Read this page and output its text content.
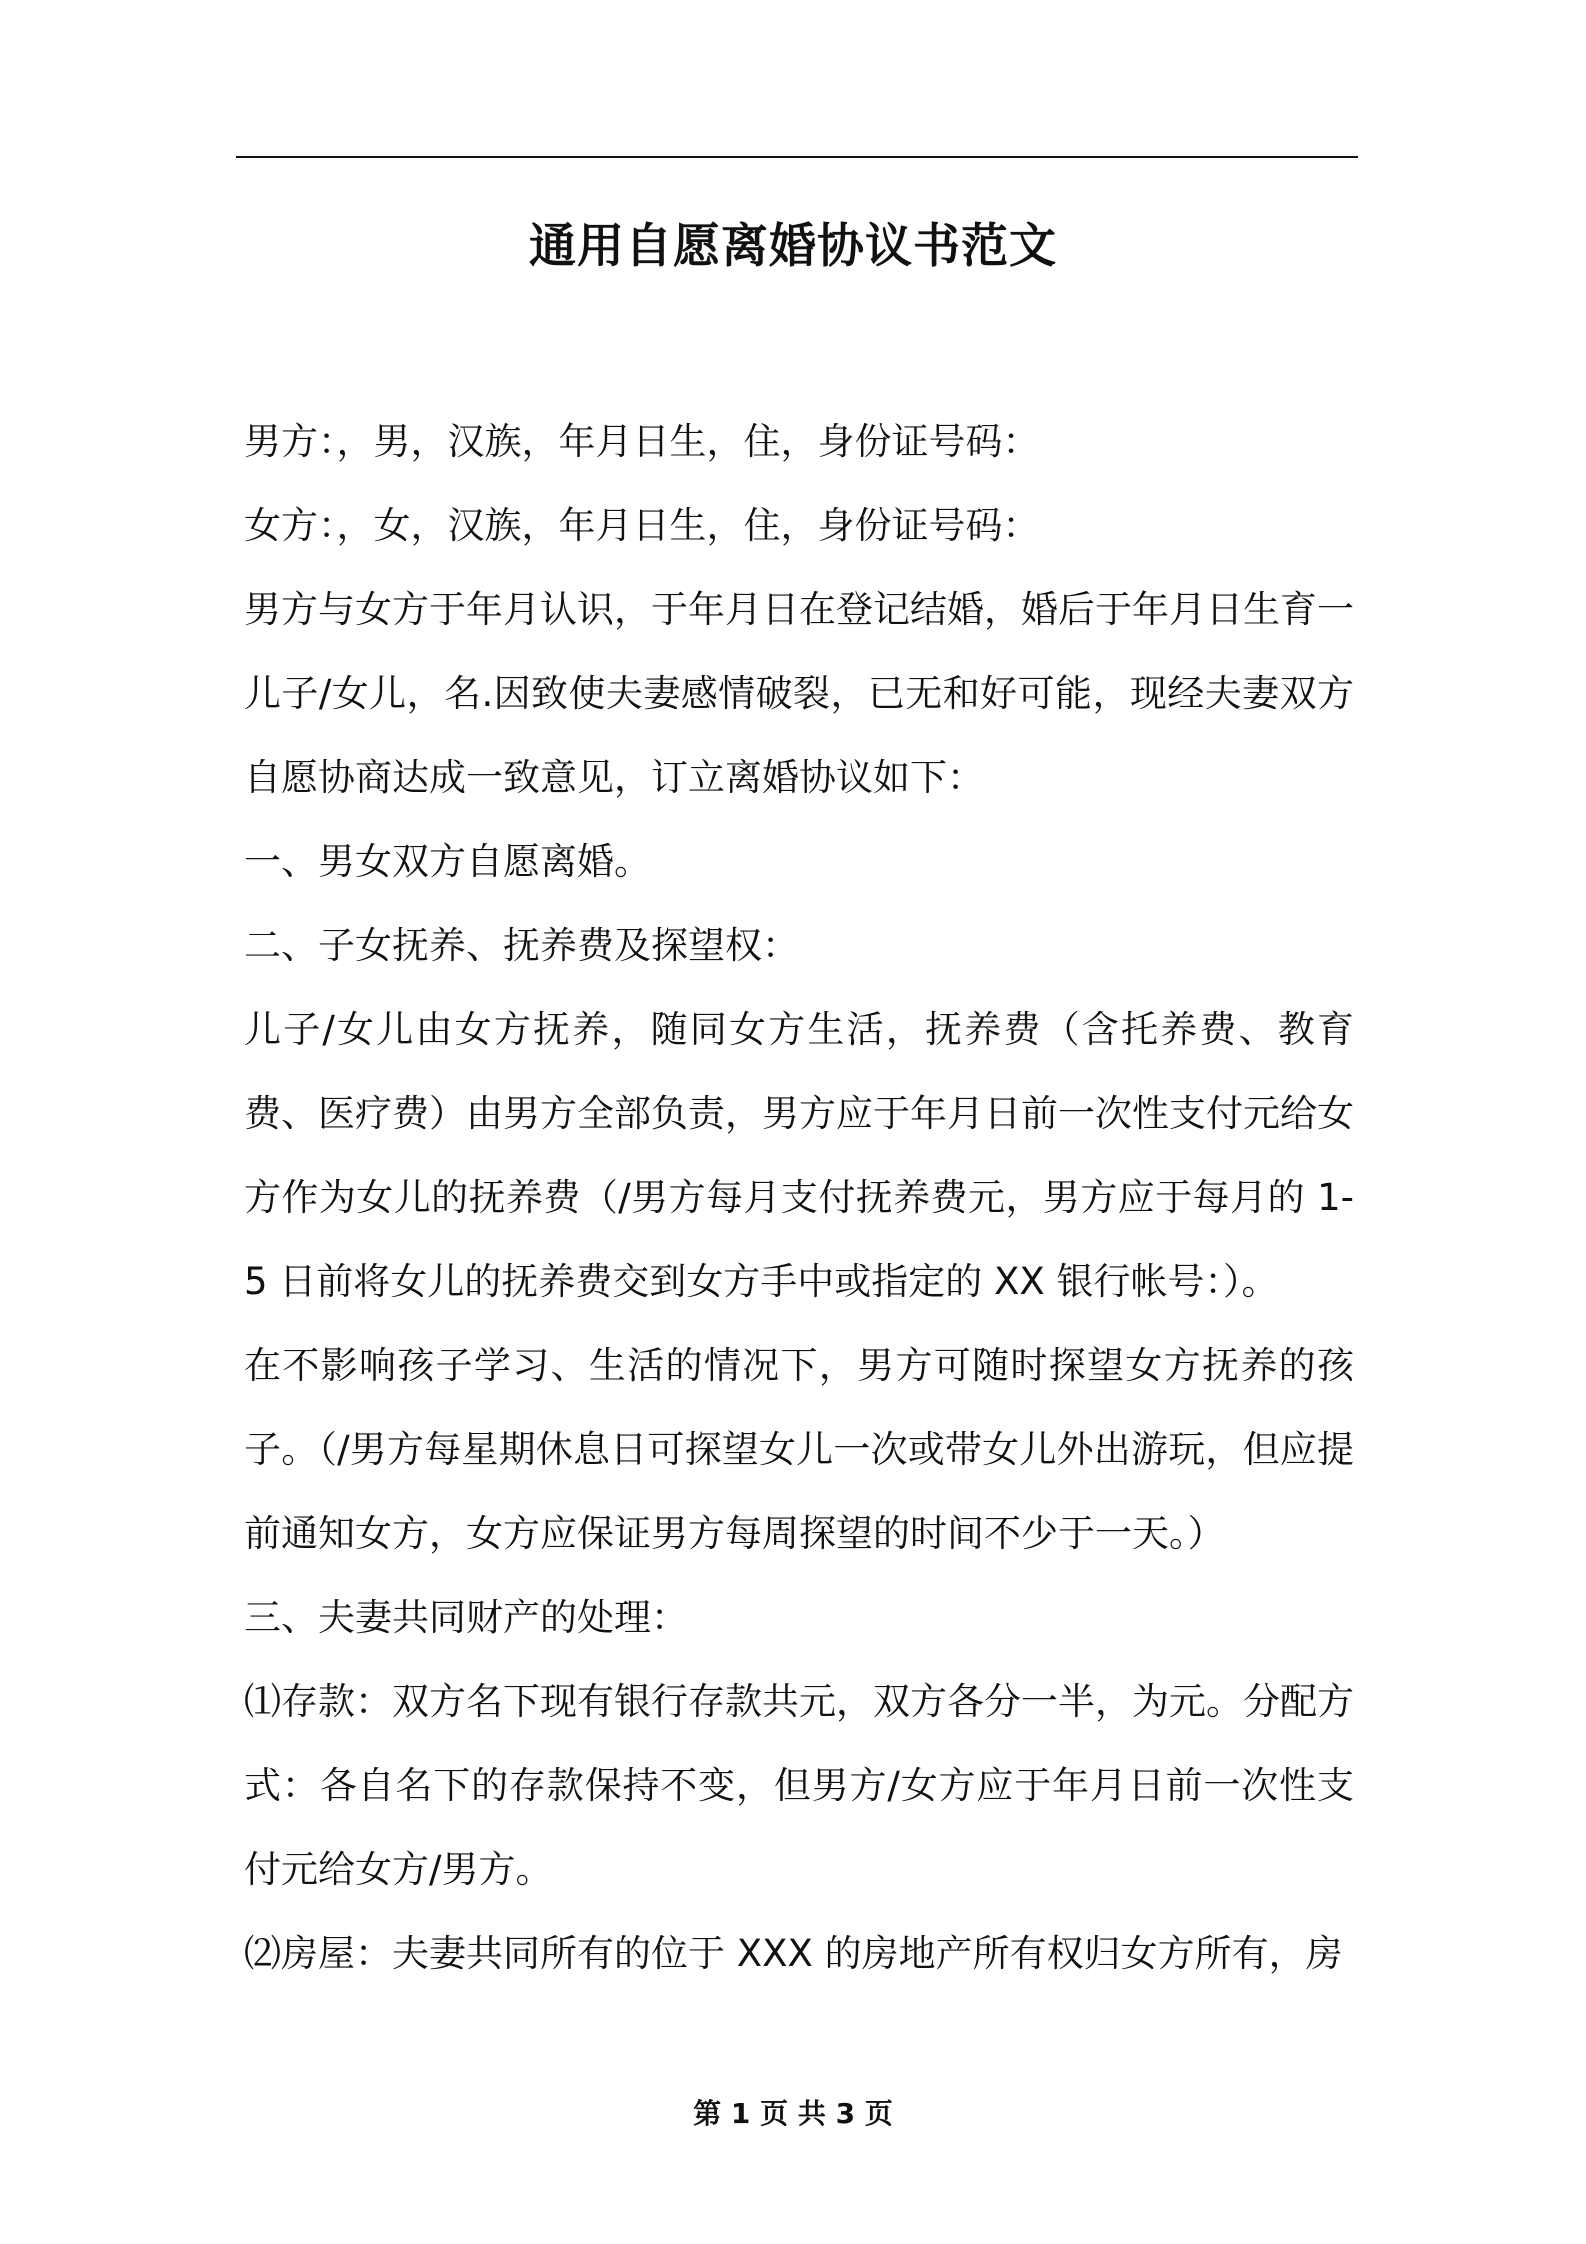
通用自愿离婚协议书范文

男方：，男，汉族，年月日生，住，身份证号码：

女方：，女，汉族，年月日生，住，身份证号码：

男方与女方于年月认识，于年月日在登记结婚，婚后于年月日生育一儿子/女儿，名.因致使夫妻感情破裂，已无和好可能，现经夫妻双方自愿协商达成一致意见，订立离婚协议如下：

一、男女双方自愿离婚。

二、子女抚养、抚养费及探望权：

儿子/女儿由女方抚养，随同女方生活，抚养费（含托养费、教育费、医疗费）由男方全部负责，男方应于年月日前一次性支付元给女方作为女儿的抚养费（/男方每月支付抚养费元，男方应于每月的 1-5 日前将女儿的抚养费交到女方手中或指定的 XX 银行帐号：）。

在不影响孩子学习、生活的情况下，男方可随时探望女方抚养的孩子。（/男方每星期休息日可探望女儿一次或带女儿外出游玩，但应提前通知女方，女方应保证男方每周探望的时间不少于一天。）

三、夫妻共同财产的处理：

⑴存款：双方名下现有银行存款共元，双方各分一半，为元。分配方式：各自名下的存款保持不变，但男方/女方应于年月日前一次性支付元给女方/男方。

⑵房屋：夫妻共同所有的位于 XXX 的房地产所有权归女方所有，房

第 1 页 共 3 页
